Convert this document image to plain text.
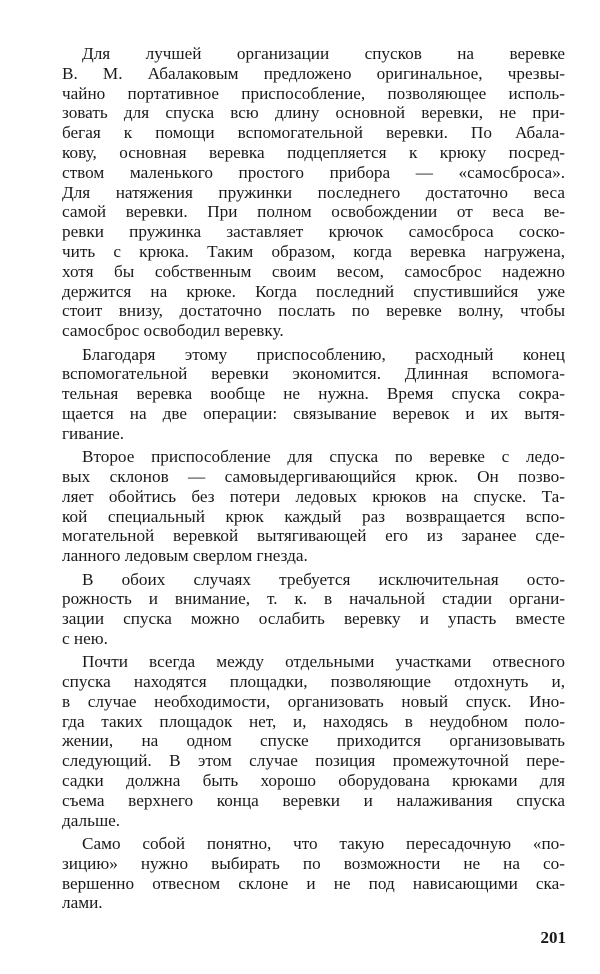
Для лучшей организации спусков на веревке
В. М. Абалаковым предложено оригинальное, чрезвы-
чайно портативное приспособление, позволяющее исполь-
зовать для спуска всю длину основной веревки, не при-
бегая к помощи вспомогательной веревки. По Абала-
кову, основная веревка подцепляется к крюку посред-
ством маленького простого прибора — «самосброса».
Для натяжения пружинки последнего достаточно веса
самой веревки. При полном освобождении от веса ве-
ревки пружинка заставляет крючок самосброса соско-
чить с крюка. Таким образом, когда веревка нагружена,
хотя бы собственным своим весом, самосброс надежно
держится на крюке. Когда последний спустившийся уже
стоит внизу, достаточно послать по веревке волну, чтобы
самосброс освободил веревку.
Благодаря этому приспособлению, расходный конец
вспомогательной веревки экономится. Длинная вспомога-
тельная веревка вообще не нужна. Время спуска сокра-
щается на две операции: связывание веревок и их вытя-
гивание.
Второе приспособление для спуска по веревке с ледо-
вых склонов — самовыдергивающийся крюк. Он позво-
ляет обойтись без потери ледовых крюков на спуске. Та-
кой специальный крюк каждый раз возвращается вспо-
могательной веревкой вытягивающей его из заранее сде-
ланного ледовым сверлом гнезда.
В обоих случаях требуется исключительная осто-
рожность и внимание, т. к. в начальной стадии органи-
зации спуска можно ослабить веревку и упасть вместе
с нею.
Почти всегда между отдельными участками отвесного
спуска находятся площадки, позволяющие отдохнуть и,
в случае необходимости, организовать новый спуск. Ино-
гда таких площадок нет, и, находясь в неудобном поло-
жении, на одном спуске приходится организовывать
следующий. В этом случае позиция промежуточной пере-
садки должна быть хорошо оборудована крюками для
съема верхнего конца веревки и налаживания спуска
дальше.
Само собой понятно, что такую пересадочную «по-
зицию» нужно выбирать по возможности не на со-
вершенно отвесном склоне и не под нависающими ска-
лами.
201
